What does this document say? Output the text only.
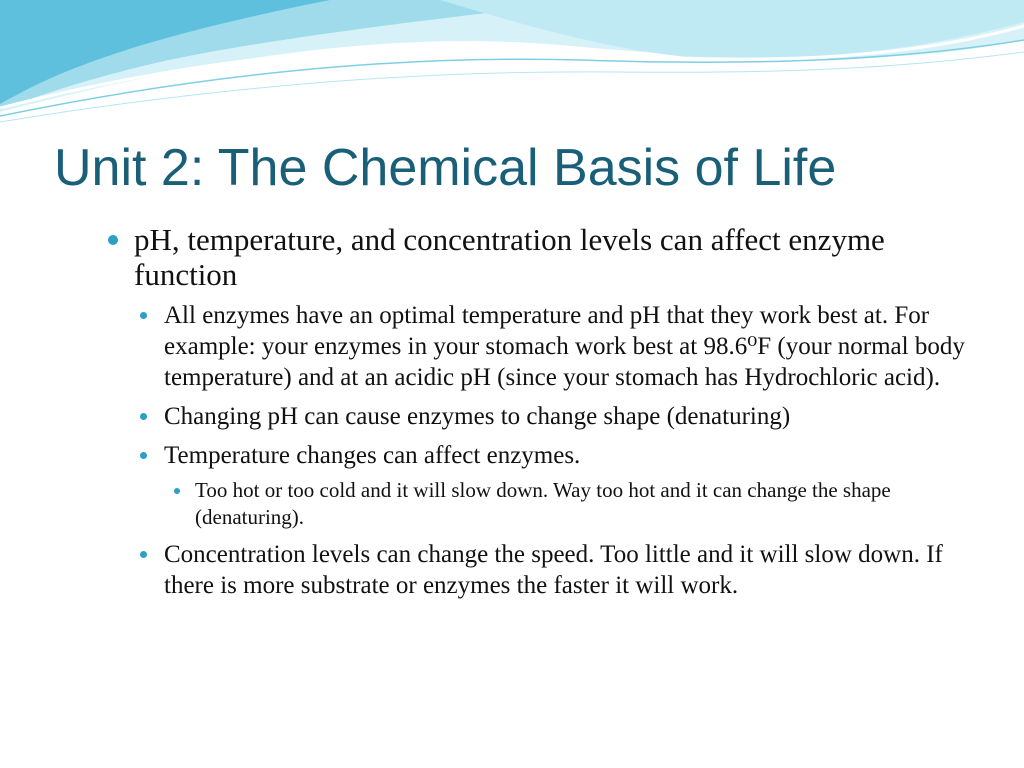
Unit 2: The Chemical Basis of Life
pH, temperature, and concentration levels can affect enzyme function
All enzymes have an optimal temperature and pH that they work best at. For example: your enzymes in your stomach work best at 98.6⁰F (your normal body temperature) and at an acidic pH (since your stomach has Hydrochloric acid).
Changing pH can cause enzymes to change shape (denaturing)
Temperature changes can affect enzymes.
Too hot or too cold and it will slow down. Way too hot and it can change the shape (denaturing).
Concentration levels can change the speed. Too little and it will slow down. If there is more substrate or enzymes the faster it will work.
